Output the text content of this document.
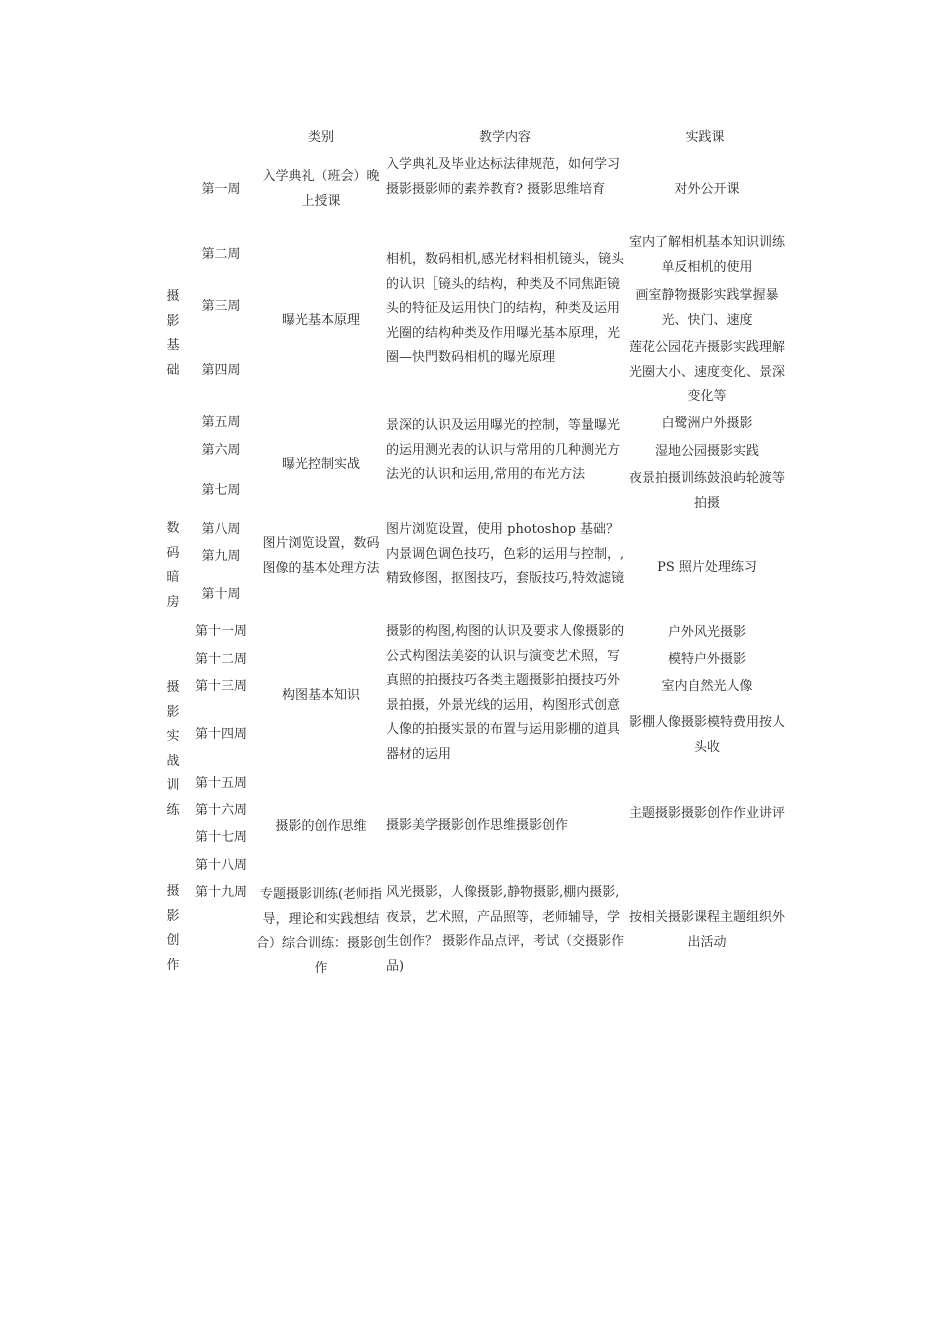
类别	教学内容	实践课
摄影基础
数码暗房
摄影实战训练
摄影创作
第一周
第二周
第三周
第四周
第五周
第六周
第七周
第八周
第九周
第十周
第十一周
第十二周
第十三周
第十四周
第十五周
第十六周
第十七周
第十八周
第十九周
入学典礼（班会）晚上授课
曝光基本原理
曝光控制实战
图片浏览设置，数码图像的基本处理方法
构图基本知识
摄影的创作思维
专题摄影训练(老师指导，理论和实践想结合）综合训练：摄影创作
入学典礼及毕业达标法律规范，如何学习摄影摄影师的素养教育? 摄影思维培育
相机，数码相机,感光材料相机镜头，镜头的认识［镜头的结构，种类及不同焦距镜头的特征及运用快门的结构，种类及运用光圈的结构种类及作用曝光基本原理，光圈—快門数码相机的曝光原理
景深的认识及运用曝光的控制，等量曝光的运用测光表的认识与常用的几种测光方法光的认识和运用,常用的布光方法
图片浏览设置，使用 photoshop 基础？ 内景调色调色技巧，色彩的运用与控制，,精致修图，抠图技巧，套版技巧,特效滤镜
摄影的构图,构图的认识及要求人像摄影的公式构图法美姿的认识与演变艺术照，写真照的拍摄技巧各类主题摄影拍摄技巧外景拍摄，外景光线的运用，构图形式创意人像的拍摄实景的布置与运用影棚的道具器材的运用
摄影美学摄影创作思维摄影创作
风光摄影，人像摄影,静物摄影,棚内摄影,夜景，艺术照，产品照等，老师辅导，学生创作？ 摄影作品点评，考试（交摄影作品)
对外公开课
室内了解相机基本知识训练单反相机的使用
画室静物摄影实践掌握暴光、快门、速度
莲花公园花卉摄影实践理解光圈大小、速度变化、景深变化等
白鹭洲户外摄影
湿地公园摄影实践
夜景拍摄训练鼓浪屿轮渡等拍摄
PS 照片处理练习
户外风光摄影
模特户外摄影
室内自然光人像
影棚人像摄影模特费用按人头收
主题摄影摄影创作作业讲评
按相关摄影课程主题组织外出活动
